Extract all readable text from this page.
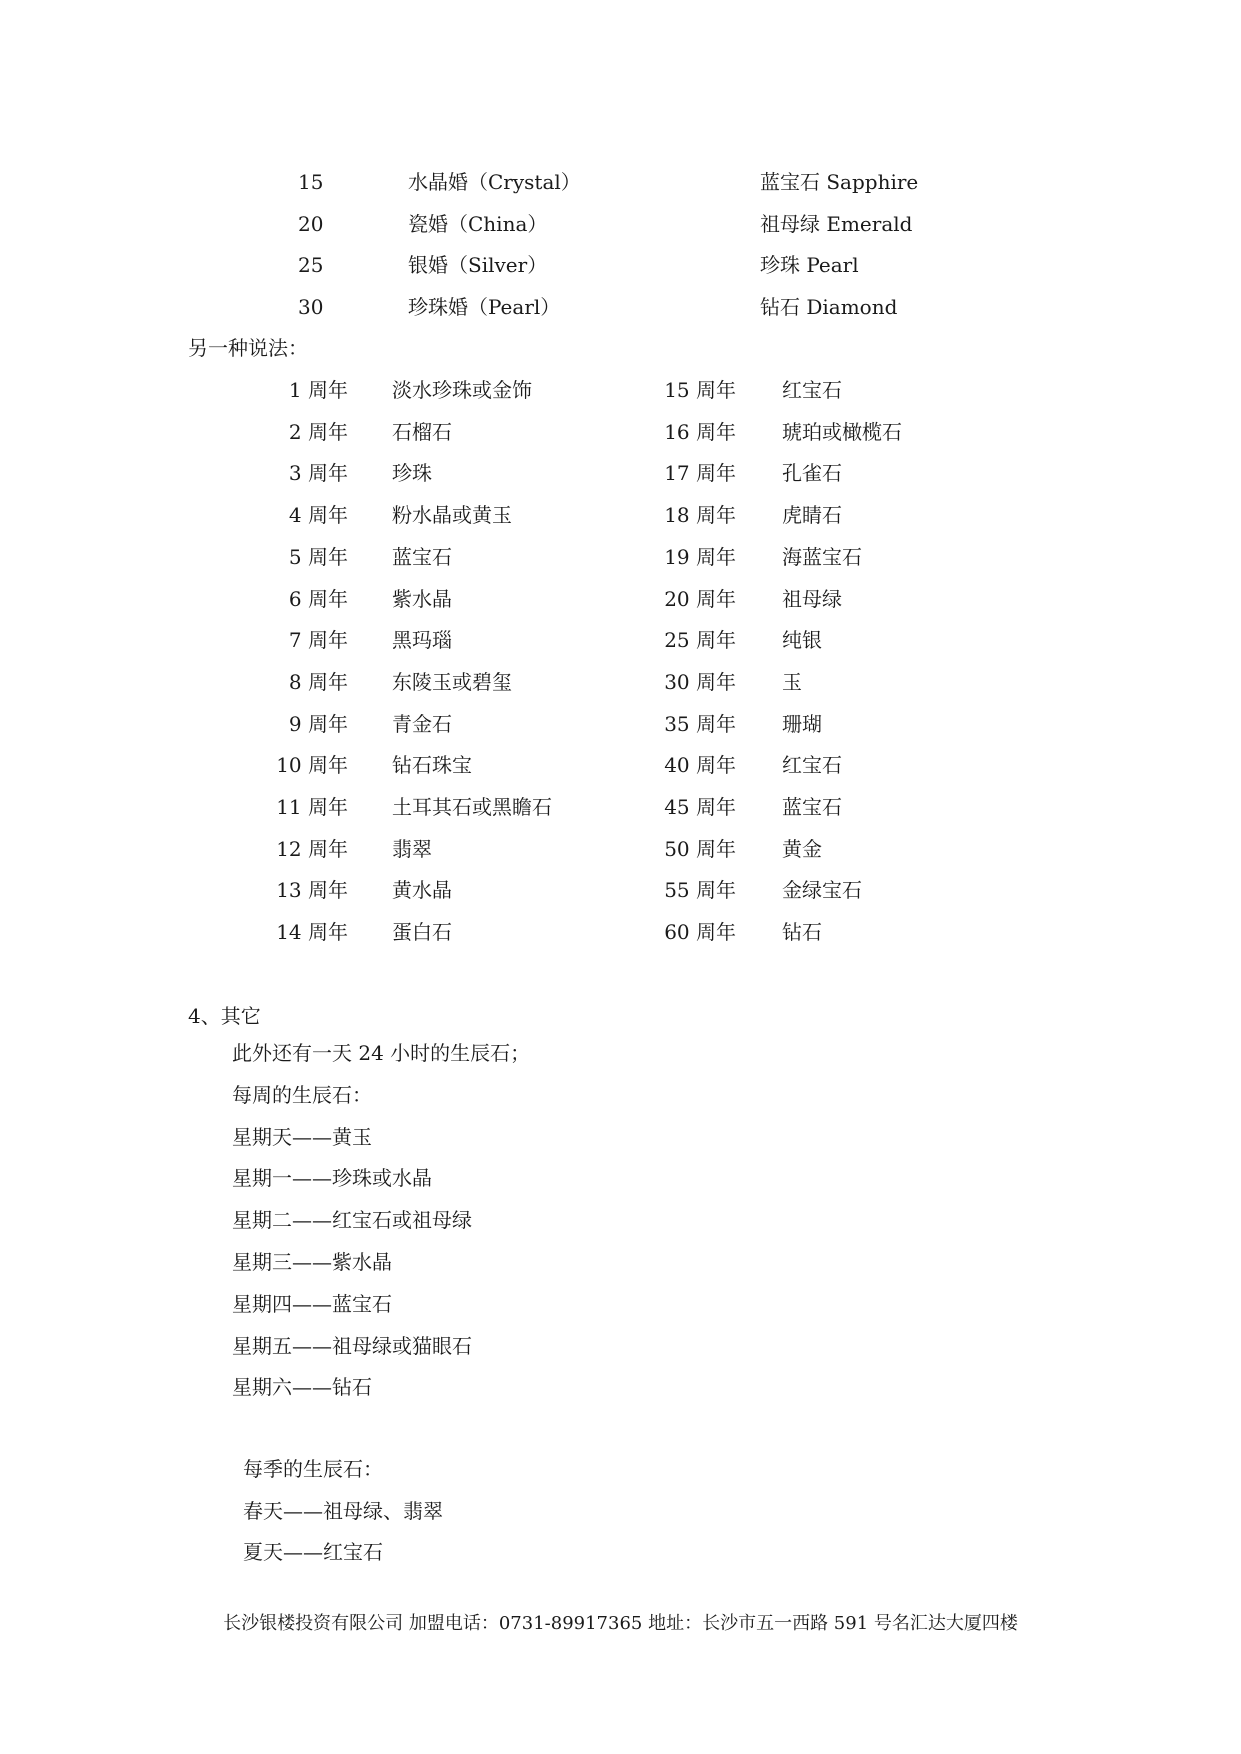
15	水晶婚（Crystal）	蓝宝石 Sapphire
20	瓷婚（China）	祖母绿 Emerald
25	银婚（Silver）	珍珠 Pearl
30	珍珠婚（Pearl）	钻石 Diamond
另一种说法：
1 周年 淡水珍珠或金饰	15 周年 红宝石
2 周年 石榴石	16 周年 琥珀或橄榄石
3 周年 珍珠	17 周年 孔雀石
4 周年 粉水晶或黄玉	18 周年 虎睛石
5 周年 蓝宝石	19 周年 海蓝宝石
6 周年 紫水晶	20 周年 祖母绿
7 周年 黑玛瑙	25 周年 纯银
8 周年 东陵玉或碧玺	30 周年 玉
9 周年 青金石	35 周年 珊瑚
10 周年 钻石珠宝	40 周年 红宝石
11 周年 土耳其石或黑瞻石	45 周年 蓝宝石
12 周年 翡翠	50 周年 黄金
13 周年 黄水晶	55 周年 金绿宝石
14 周年 蛋白石	60 周年 钻石
4、其它
此外还有一天 24 小时的生辰石；
每周的生辰石：
星期天——黄玉
星期一——珍珠或水晶
星期二——红宝石或祖母绿
星期三——紫水晶
星期四——蓝宝石
星期五——祖母绿或猫眼石
星期六——钻石
每季的生辰石：
春天——祖母绿、翡翠
夏天——红宝石
长沙银楼投资有限公司 加盟电话：0731-89917365 地址：长沙市五一西路 591 号名汇达大厦四楼
